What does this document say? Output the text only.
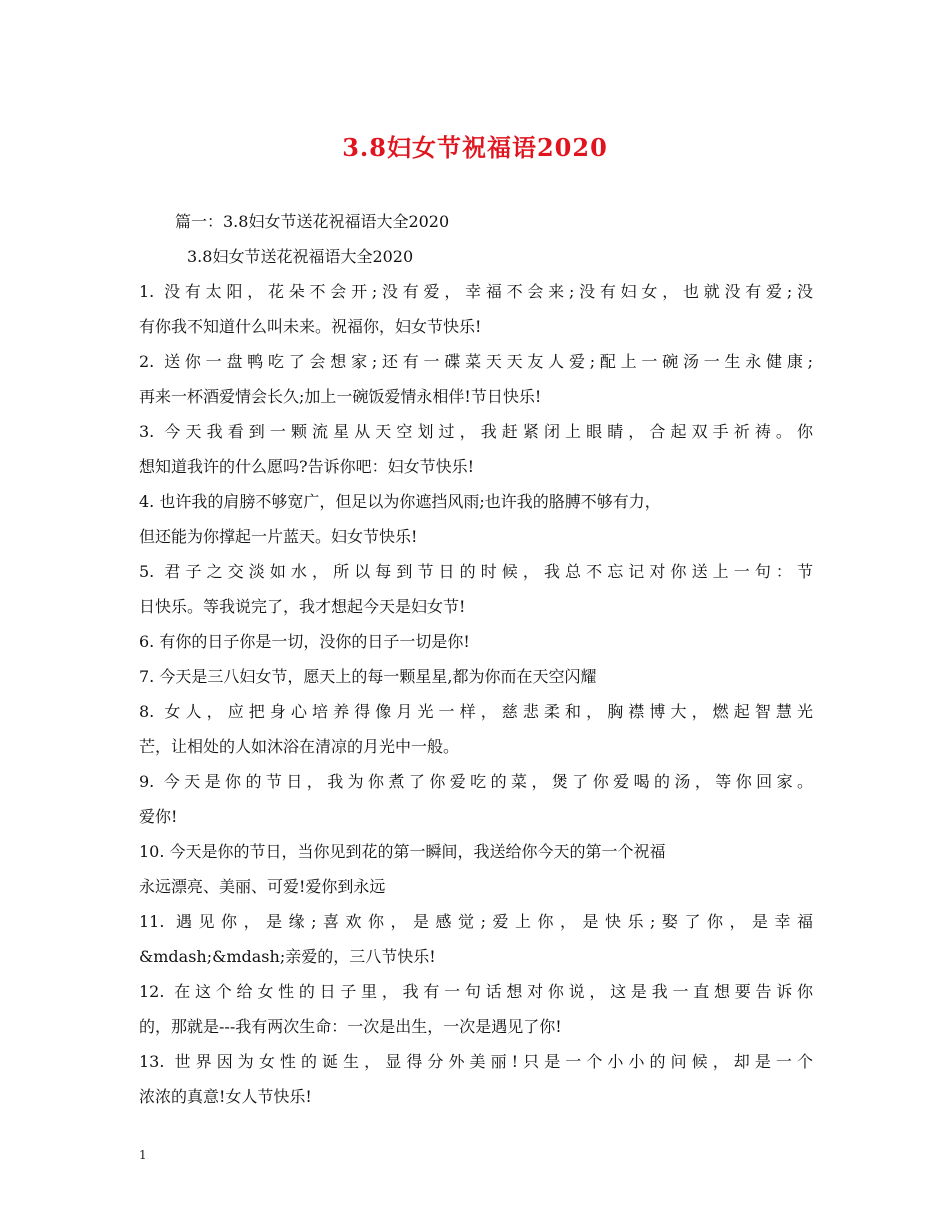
3.8妇女节祝福语2020
篇一：3.8妇女节送花祝福语大全2020
3.8妇女节送花祝福语大全2020
1. 没有太阳，花朵不会开;没有爱，幸福不会来;没有妇女，也就没有爱;没
有你我不知道什么叫未来。祝福你，妇女节快乐!
2. 送你一盘鸭吃了会想家;还有一碟菜天天友人爱;配上一碗汤一生永健康;
再来一杯酒爱情会长久;加上一碗饭爱情永相伴!节日快乐!
3. 今天我看到一颗流星从天空划过，我赶紧闭上眼睛，合起双手祈祷。你
想知道我许的什么愿吗?告诉你吧：妇女节快乐!
4. 也许我的肩膀不够宽广，但足以为你遮挡风雨;也许我的胳膊不够有力，
但还能为你撑起一片蓝天。妇女节快乐!
5. 君子之交淡如水，所以每到节日的时候，我总不忘记对你送上一句：节
日快乐。等我说完了，我才想起今天是妇女节!
6. 有你的日子你是一切，没你的日子一切是你!
7. 今天是三八妇女节，愿天上的每一颗星星,都为你而在天空闪耀
8. 女人，应把身心培养得像月光一样，慈悲柔和，胸襟博大，燃起智慧光
芒，让相处的人如沐浴在清凉的月光中一般。
9. 今天是你的节日，我为你煮了你爱吃的菜，煲了你爱喝的汤，等你回家。
爱你!
10. 今天是你的节日，当你见到花的第一瞬间，我送给你今天的第一个祝福
永远漂亮、美丽、可爱!爱你到永远
11. 遇见你，是缘;喜欢你，是感觉;爱上你，是快乐;娶了你，是幸福
&mdash;&mdash;亲爱的，三八节快乐!
12. 在这个给女性的日子里，我有一句话想对你说，这是我一直想要告诉你
的，那就是---我有两次生命：一次是出生，一次是遇见了你!
13. 世界因为女性的诞生，显得分外美丽!只是一个小小的问候，却是一个
浓浓的真意!女人节快乐!
1
